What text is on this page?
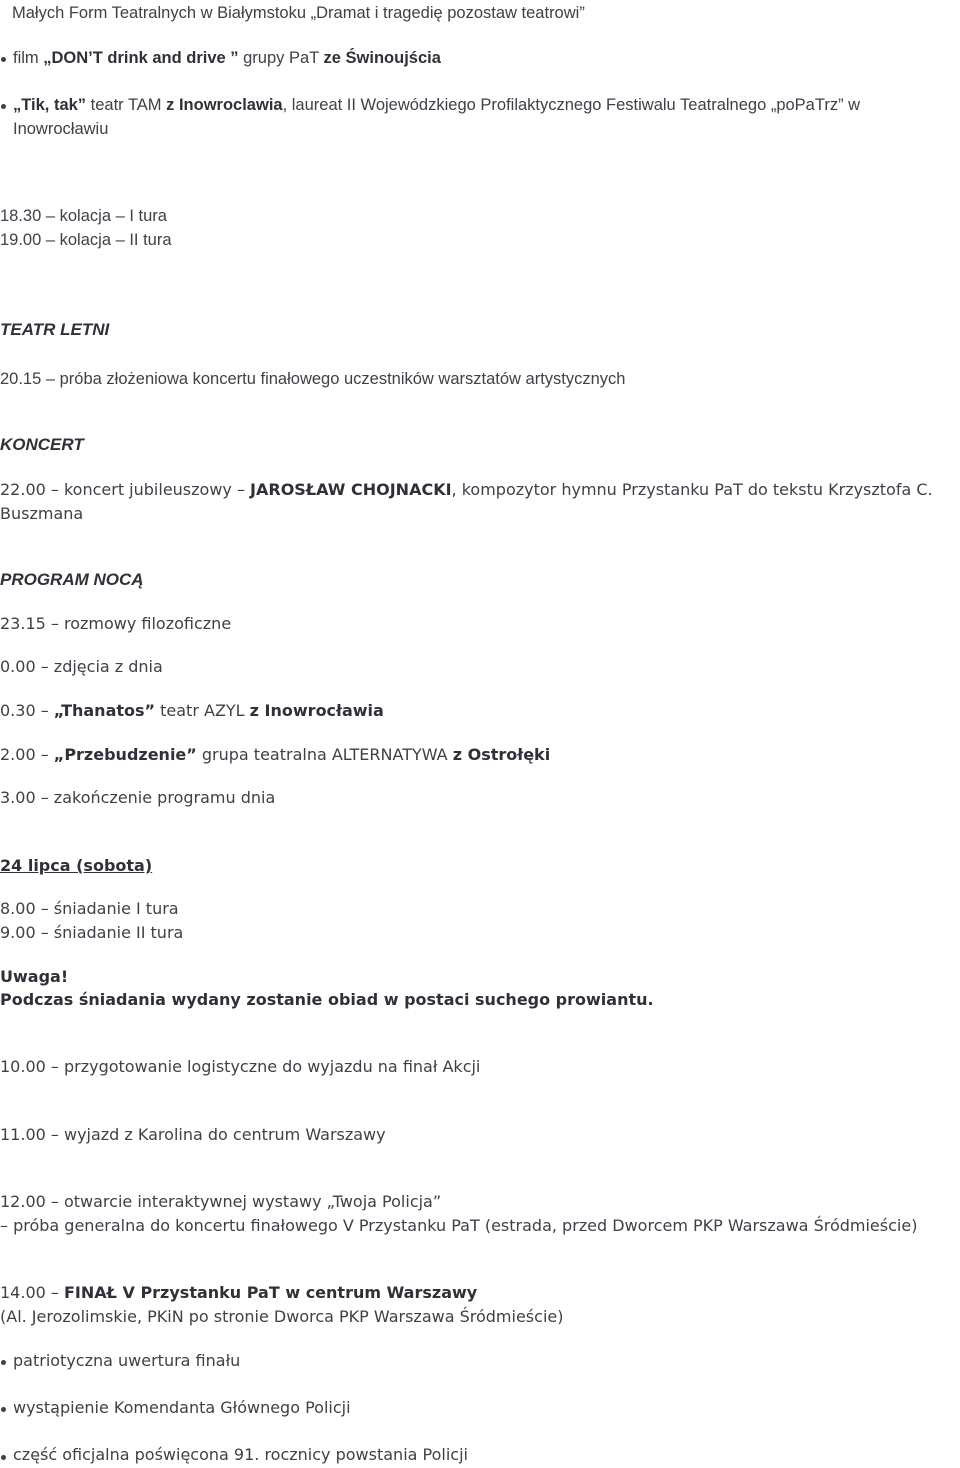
Małych Form Teatralnych w Białymstoku „Dramat i tragedię pozostaw teatrowi”
film „DON’T drink and drive ” grupy PaT ze Świnoujścia
„Tik, tak” teatr TAM z Inowroclawia, laureat II Wojewódzkiego Profilaktycznego Festiwalu Teatralnego „poPaTrz” w
Inowrocławiu
18.30 – kolacja – I tura
19.00 – kolacja – II tura
TEATR LETNI
20.15 – próba złożeniowa koncertu finałowego uczestników warsztatów artystycznych
KONCERT
22.00 – koncert jubileuszowy – JAROSŁAW CHOJNACKI, kompozytor hymnu Przystanku PaT do tekstu Krzysztofa C.
Buszmana
PROGRAM NOCĄ
23.15 – rozmowy filozoficzne
0.00 – zdjęcia z dnia
0.30 – „Thanatos” teatr AZYL z Inowrocławia
2.00 – „Przebudzenie” grupa teatralna ALTERNATYWA z Ostrołęki
3.00 – zakończenie programu dnia
24 lipca (sobota)
8.00 – śniadanie I tura
9.00 – śniadanie II tura
Uwaga!
Podczas śniadania wydany zostanie obiad w postaci suchego prowiantu.
10.00 – przygotowanie logistyczne do wyjazdu na finał Akcji
11.00 – wyjazd z Karolina do centrum Warszawy
12.00 – otwarcie interaktywnej wystawy „Twoja Policja”
– próba generalna do koncertu finałowego V Przystanku PaT (estrada, przed Dworcem PKP Warszawa Śródmieście)
14.00 – FINAŁ V Przystanku PaT w centrum Warszawy
(Al. Jerozolimskie, PKiN po stronie Dworca PKP Warszawa Śródmieście)
patriotyczna uwertura finału
wystąpienie Komendanta Głównego Policji
część oficjalna poświęcona 91. rocznicy powstania Policji
